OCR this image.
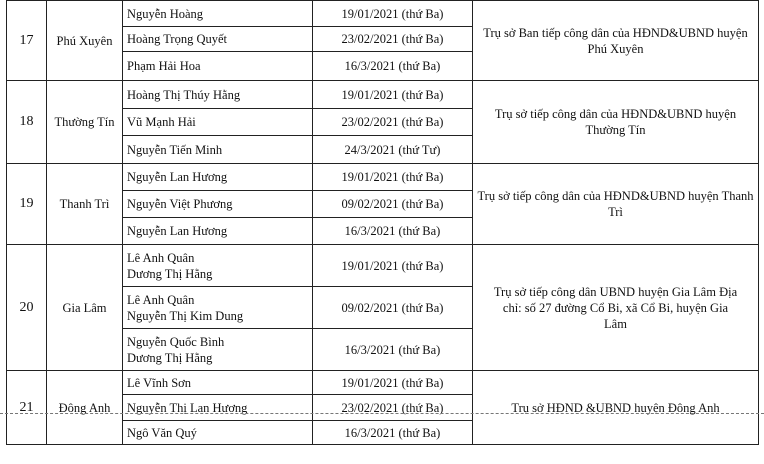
17	Phú Xuyên	Nguyễn Hoàng	19/01/2021 (thứ Ba)	Trụ sở Ban tiếp công dân của HĐND&UBND huyện Phú Xuyên
		Hoàng Trọng Quyết	23/02/2021 (thứ Ba)	
		Phạm Hải Hoa	16/3/2021 (thứ Ba)	
18	Thường Tín	Hoàng Thị Thúy Hằng	19/01/2021 (thứ Ba)	Trụ sở tiếp công dân của HĐND&UBND huyện Thường Tín
		Vũ Mạnh Hải	23/02/2021 (thứ Ba)	
		Nguyễn Tiến Minh	24/3/2021 (thứ Tư)	
19	Thanh Trì	Nguyễn Lan Hương	19/01/2021 (thứ Ba)	Trụ sở tiếp công dân của HĐND&UBND huyện Thanh Trì
		Nguyễn Việt Phương	09/02/2021 (thứ Ba)	
		Nguyễn Lan Hương	16/3/2021 (thứ Ba)	
20	Gia Lâm	Lê Anh Quân
Dương Thị Hằng	19/01/2021 (thứ Ba)	Trụ sở tiếp công dân UBND huyện Gia Lâm Địa chỉ: số 27 đường Cổ Bi, xã Cổ Bi, huyện Gia Lâm

		Lê Anh Quân
Nguyễn Thị Kim Dung	09/02/2021 (thứ Ba)	

		Nguyễn Quốc Bình
Dương Thị Hằng	16/3/2021 (thứ Ba)	
21	Đông Anh	Lê Vĩnh Sơn	19/01/2021 (thứ Ba)	Trụ sở HĐND &UBND huyện Đông Anh
		Nguyễn Thị Lan Hương	23/02/2021 (thứ Ba)	
		Ngô Văn Quý	16/3/2021 (thứ Ba)	
